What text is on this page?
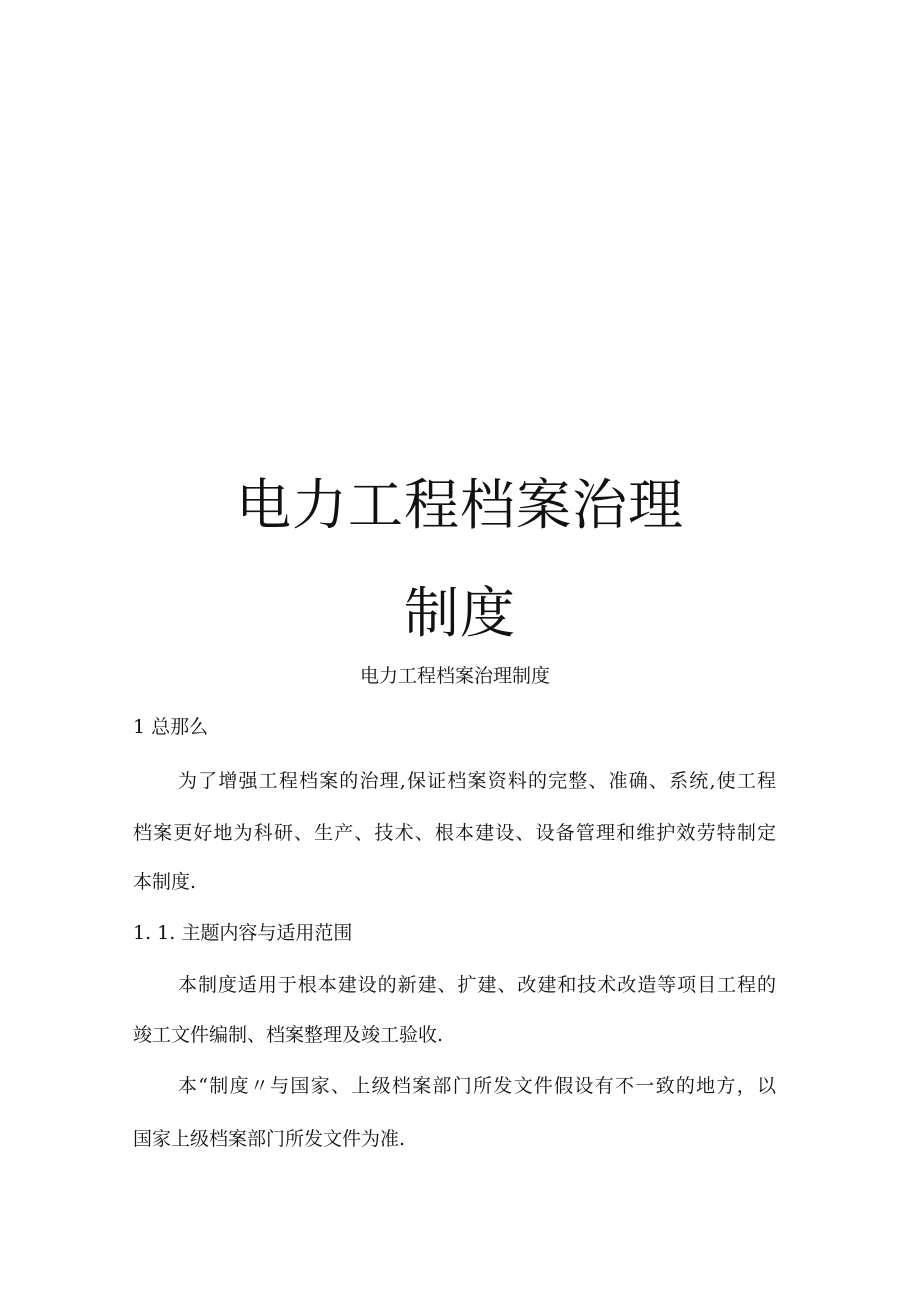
电力工程档案治理
制度

电力工程档案治理制度

1 总那么

为了增强工程档案的治理,保证档案资料的完整、准确、系统,使工程

档案更好地为科研、生产、技术、根本建设、设备管理和维护效劳特制定

本制度.

1. 1. 主题内容与适用范围

本制度适用于根本建设的新建、扩建、改建和技术改造等项目工程的

竣工文件编制、档案整理及竣工验收.

本“制度〃与国家、上级档案部门所发文件假设有不一致的地方，以

国家上级档案部门所发文件为准.
